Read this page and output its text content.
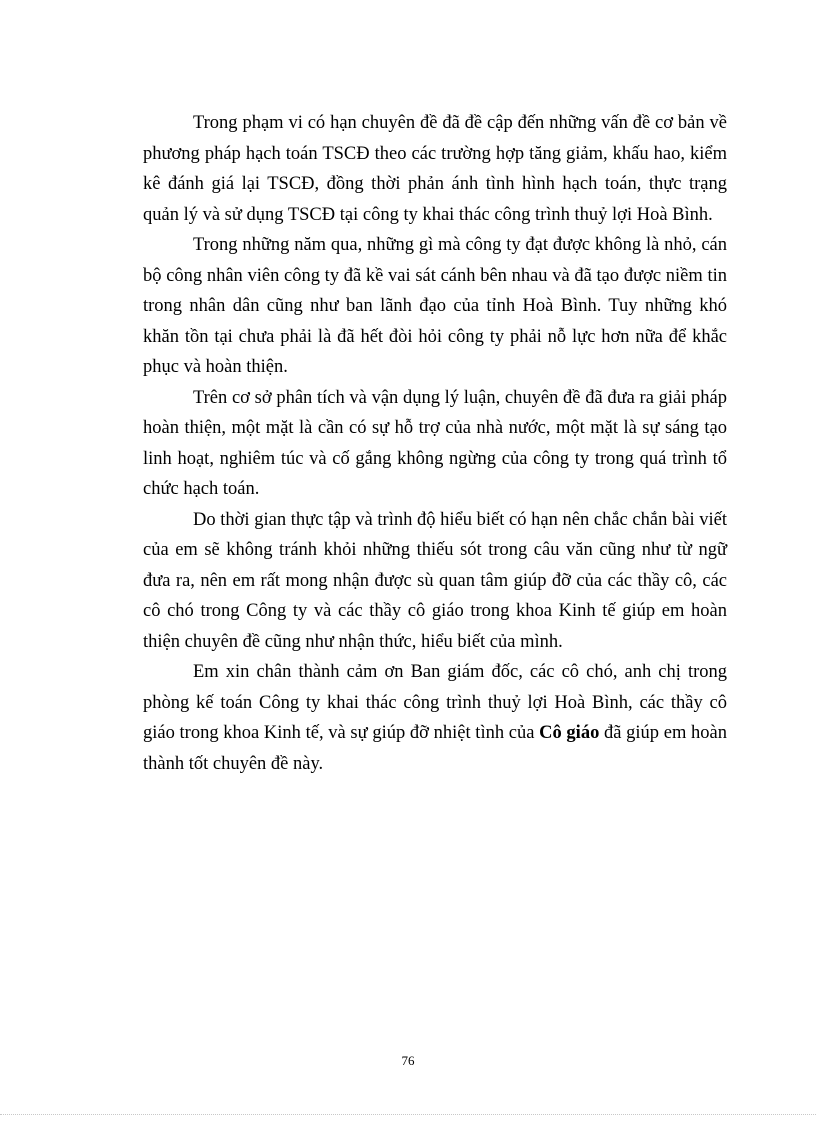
Trong phạm vi có hạn chuyên đề đã đề cập đến những vấn đề cơ bản về phương pháp hạch toán TSCĐ theo các trường hợp tăng giảm, khấu hao, kiểm kê đánh giá lại TSCĐ, đồng thời phản ánh tình hình hạch toán, thực trạng quản lý và sử dụng TSCĐ tại công ty khai thác công trình thuỷ lợi Hoà Bình.

Trong những năm qua, những gì mà công ty đạt được không là nhỏ, cán bộ công nhân viên công ty đã kề vai sát cánh bên nhau và đã tạo được niềm tin trong nhân dân cũng như ban lãnh đạo của tỉnh Hoà Bình. Tuy những khó khăn tồn tại chưa phải là đã hết đòi hỏi công ty phải nỗ lực hơn nữa để khắc phục và hoàn thiện.

Trên cơ sở phân tích và vận dụng lý luận, chuyên đề đã đưa ra giải pháp hoàn thiện, một mặt là cần có sự hỗ trợ của nhà nước, một mặt là sự sáng tạo linh hoạt, nghiêm túc và cố gắng không ngừng của công ty trong quá trình tổ chức hạch toán.

Do thời gian thực tập và trình độ hiểu biết có hạn nên chắc chắn bài viết của em sẽ không tránh khỏi những thiếu sót trong câu văn cũng như từ ngữ đưa ra, nên em rất mong nhận được sù quan tâm giúp đỡ của các thầy cô, các cô chó trong Công ty và các thầy cô giáo trong khoa Kinh tế giúp em hoàn thiện chuyên đề cũng như nhận thức, hiểu biết của mình.

Em xin chân thành cảm ơn Ban giám đốc, các cô chó, anh chị trong phòng kế toán Công ty khai thác công trình thuỷ lợi Hoà Bình, các thầy cô giáo trong khoa Kinh tế, và sự giúp đỡ nhiệt tình của Cô giáo đã giúp em hoàn thành tốt chuyên đề này.

76
